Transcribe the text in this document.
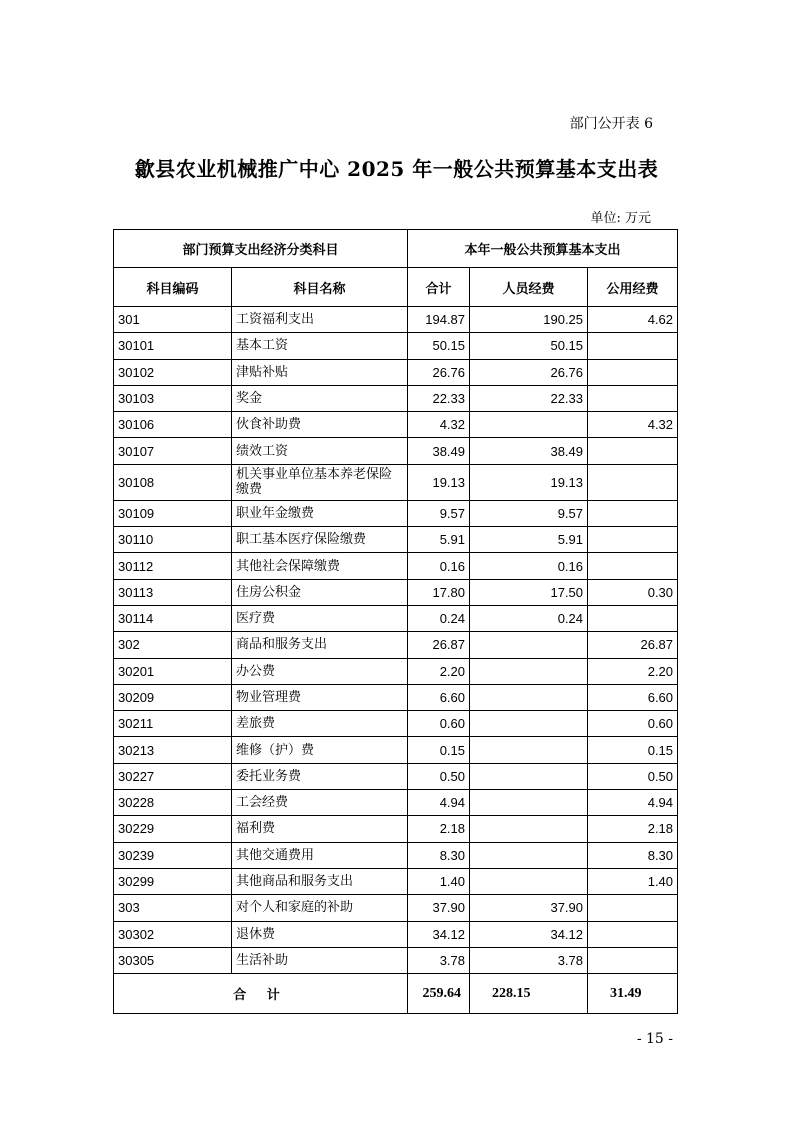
部门公开表 6
歙县农业机械推广中心 2025 年一般公共预算基本支出表
单位: 万元
部门预算支出经济分类科目		本年一般公共预算基本支出		
科目编码	科目名称	合计	人员经费	公用经费
301	工资福利支出	194.87	190.25	4.62
30101	基本工资	50.15	50.15	
30102	津贴补贴	26.76	26.76	
30103	奖金	22.33	22.33	
30106	伙食补助费	4.32		4.32
30107	绩效工资	38.49	38.49	
30108	机关事业单位基本养老保险缴费	19.13	19.13	
30109	职业年金缴费	9.57	9.57	
30110	职工基本医疗保险缴费	5.91	5.91	
30112	其他社会保障缴费	0.16	0.16	
30113	住房公积金	17.80	17.50	0.30
30114	医疗费	0.24	0.24	
302	商品和服务支出	26.87		26.87
30201	办公费	2.20		2.20
30209	物业管理费	6.60		6.60
30211	差旅费	0.60		0.60
30213	维修（护）费	0.15		0.15
30227	委托业务费	0.50		0.50
30228	工会经费	4.94		4.94
30229	福利费	2.18		2.18
30239	其他交通费用	8.30		8.30
30299	其他商品和服务支出	1.40		1.40
303	对个人和家庭的补助	37.90	37.90	
30302	退休费	34.12	34.12	
30305	生活补助	3.78	3.78	
合 计		259.64	228.15	31.49
- 15 -
